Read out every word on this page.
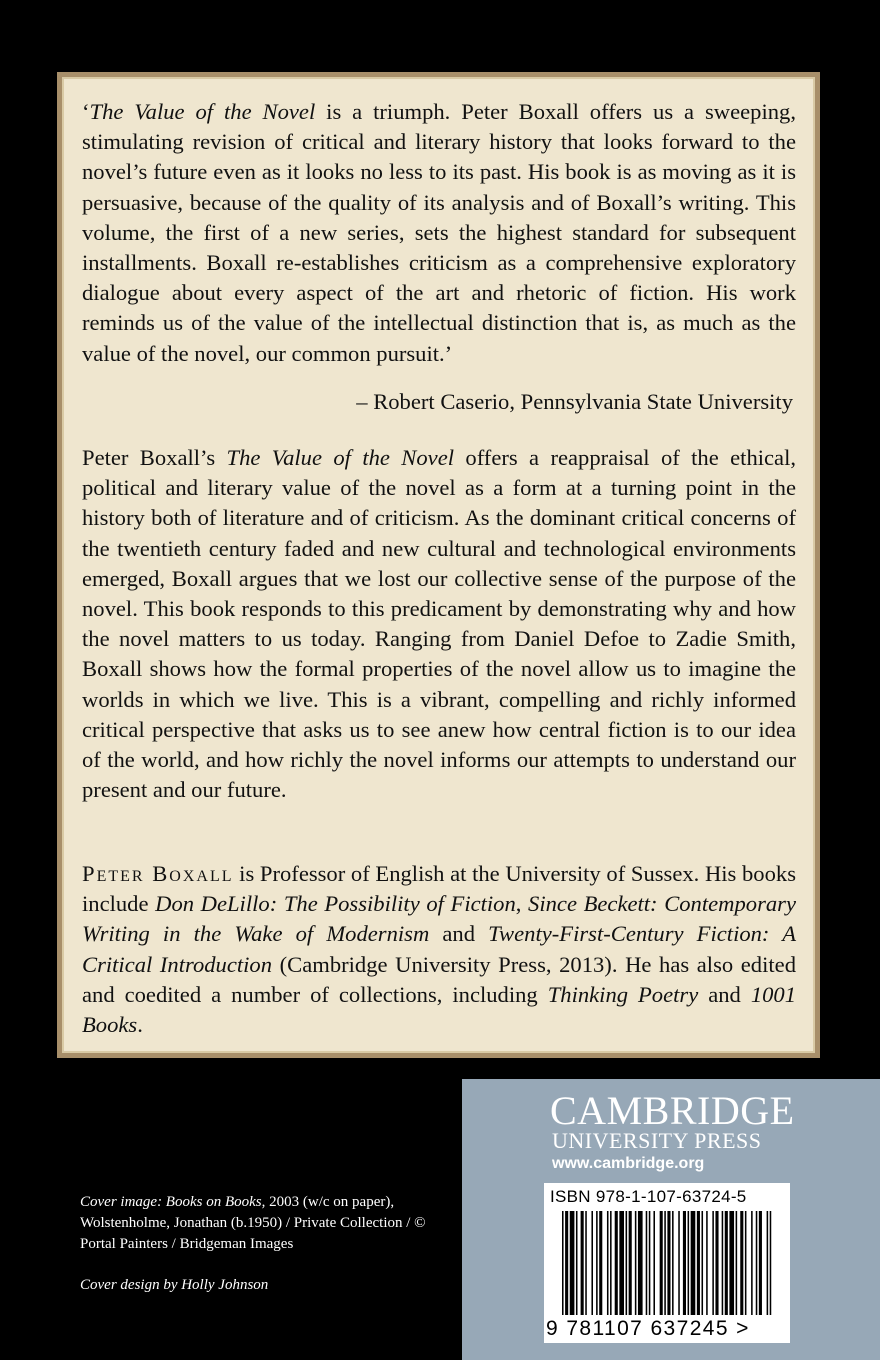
‘The Value of the Novel is a triumph. Peter Boxall offers us a sweeping, stimulating revision of critical and literary history that looks forward to the novel’s future even as it looks no less to its past. His book is as moving as it is persuasive, because of the quality of its analysis and of Boxall’s writing. This volume, the first of a new series, sets the highest standard for subsequent installments. Boxall re-establishes criticism as a comprehensive exploratory dialogue about every aspect of the art and rhetoric of fiction. His work reminds us of the value of the intellectual distinction that is, as much as the value of the novel, our common pursuit.’

– Robert Caserio, Pennsylvania State University

Peter Boxall’s The Value of the Novel offers a reappraisal of the ethical, political and literary value of the novel as a form at a turning point in the history both of literature and of criticism. As the dominant critical concerns of the twentieth century faded and new cultural and technological environments emerged, Boxall argues that we lost our collective sense of the purpose of the novel. This book responds to this predicament by demonstrating why and how the novel matters to us today. Ranging from Daniel Defoe to Zadie Smith, Boxall shows how the formal properties of the novel allow us to imagine the worlds in which we live. This is a vibrant, compelling and richly informed critical perspective that asks us to see anew how central fiction is to our idea of the world, and how richly the novel informs our attempts to understand our present and our future.

Peter Boxall is Professor of English at the University of Sussex. His books include Don DeLillo: The Possibility of Fiction, Since Beckett: Contemporary Writing in the Wake of Modernism and Twenty-First-Century Fiction: A Critical Introduction (Cambridge University Press, 2013). He has also edited and coedited a number of collections, including Thinking Poetry and 1001 Books.

Cover image: Books on Books, 2003 (w/c on paper), Wolstenholme, Jonathan (b.1950) / Private Collection / © Portal Painters / Bridgeman Images

Cover design by Holly Johnson

CAMBRIDGE
UNIVERSITY PRESS
www.cambridge.org
ISBN 978-1-107-63724-5
9 781107 637245 >
